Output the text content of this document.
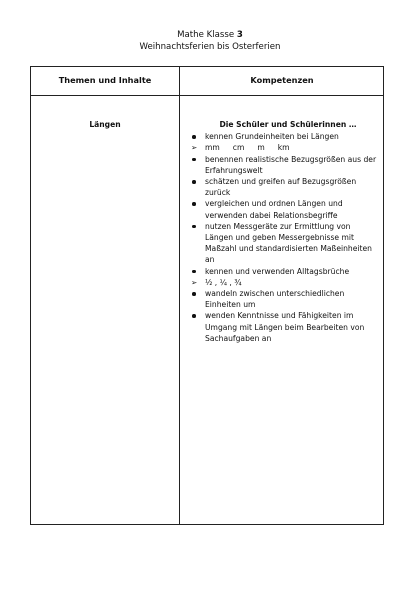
Mathe Klasse 3
Weihnachtsferien bis Osterferien
Themen und Inhalte	Kompetenzen
Längen	Die Schüler und Schülerinnen …
kennen Grundeinheiten bei Längen
➢	mm cm m km
benennen realistische Bezugsgrößen aus der Erfahrungswelt
schätzen und greifen auf Bezugsgrößen zurück
vergleichen und ordnen Längen und verwenden dabei Relationsbegriffe
nutzen Messgeräte zur Ermittlung von Längen und geben Messergebnisse mit Maßzahl und standardisierten Maßeinheiten an
kennen und verwenden Alltagsbrüche
➢	½ , ¼ , ¾
wandeln zwischen unterschiedlichen Einheiten um
wenden Kenntnisse und Fähigkeiten im Umgang mit Längen beim Bearbeiten von Sachaufgaben an
